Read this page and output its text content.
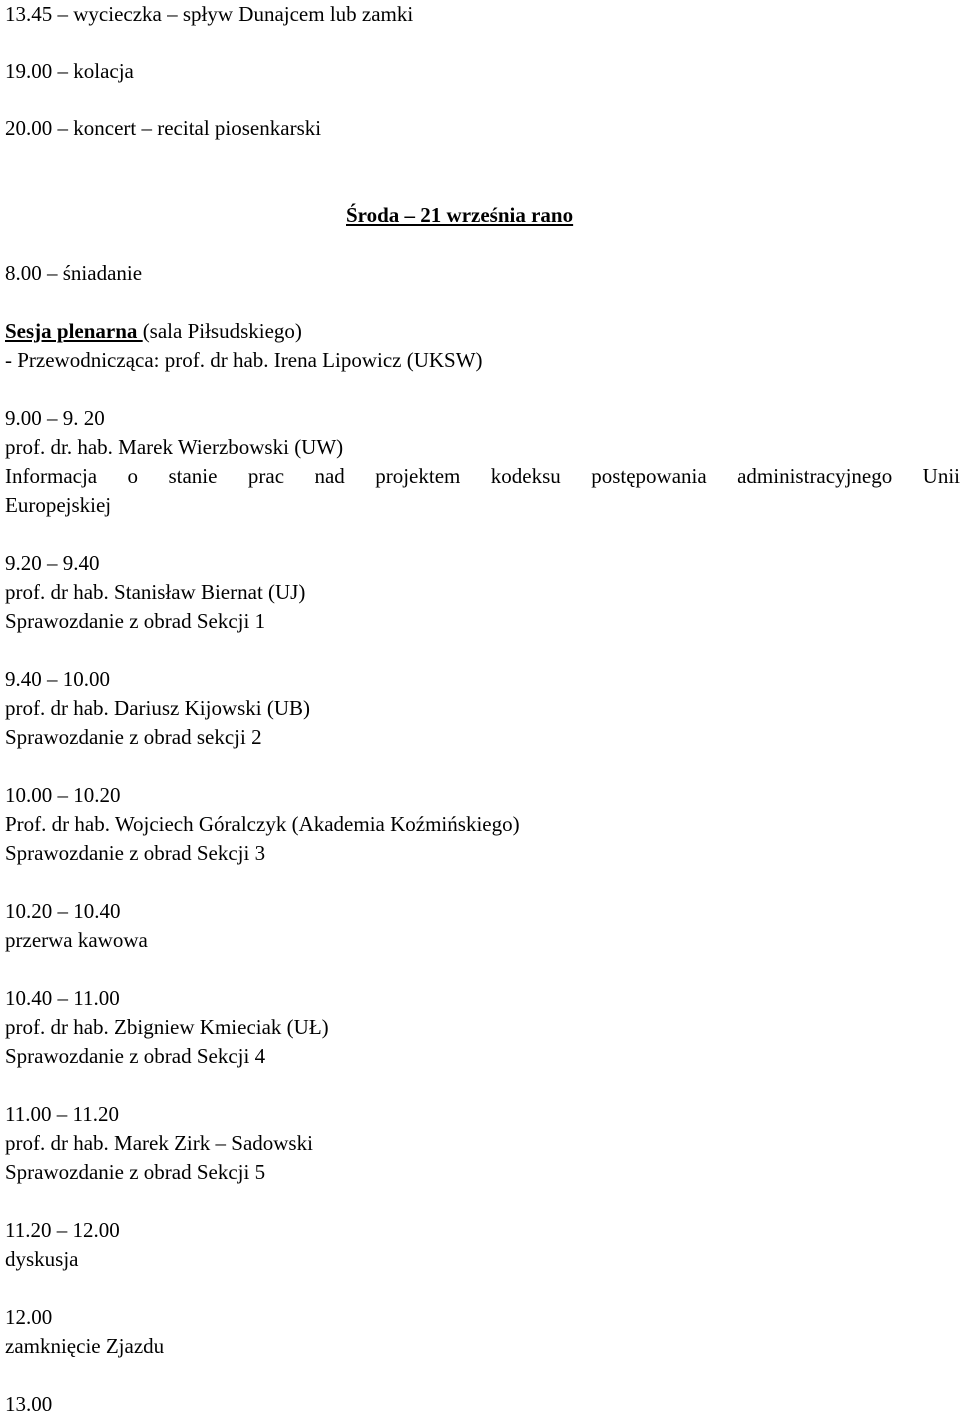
13.45 – wycieczka – spływ Dunajcem lub zamki
19.00 – kolacja
20.00 – koncert – recital piosenkarski
Środa – 21 września rano
8.00 – śniadanie
Sesja plenarna (sala Piłsudskiego)
- Przewodnicząca: prof. dr hab. Irena Lipowicz (UKSW)
9.00 – 9. 20
prof. dr. hab. Marek Wierzbowski (UW)
Informacja o stanie prac nad projektem kodeksu postępowania administracyjnego Unii
Europejskiej
9.20 – 9.40
prof. dr hab. Stanisław Biernat (UJ)
Sprawozdanie z obrad Sekcji 1
9.40 – 10.00
prof. dr hab. Dariusz Kijowski (UB)
Sprawozdanie z obrad sekcji 2
10.00 – 10.20
Prof. dr hab. Wojciech Góralczyk (Akademia Koźmińskiego)
Sprawozdanie z obrad Sekcji 3
10.20 – 10.40
przerwa kawowa
10.40 – 11.00
prof. dr hab. Zbigniew Kmieciak (UŁ)
Sprawozdanie z obrad Sekcji 4
11.00 – 11.20
prof. dr hab. Marek Zirk – Sadowski
Sprawozdanie z obrad Sekcji 5
11.20 – 12.00
dyskusja
12.00
zamknięcie Zjazdu
13.00
